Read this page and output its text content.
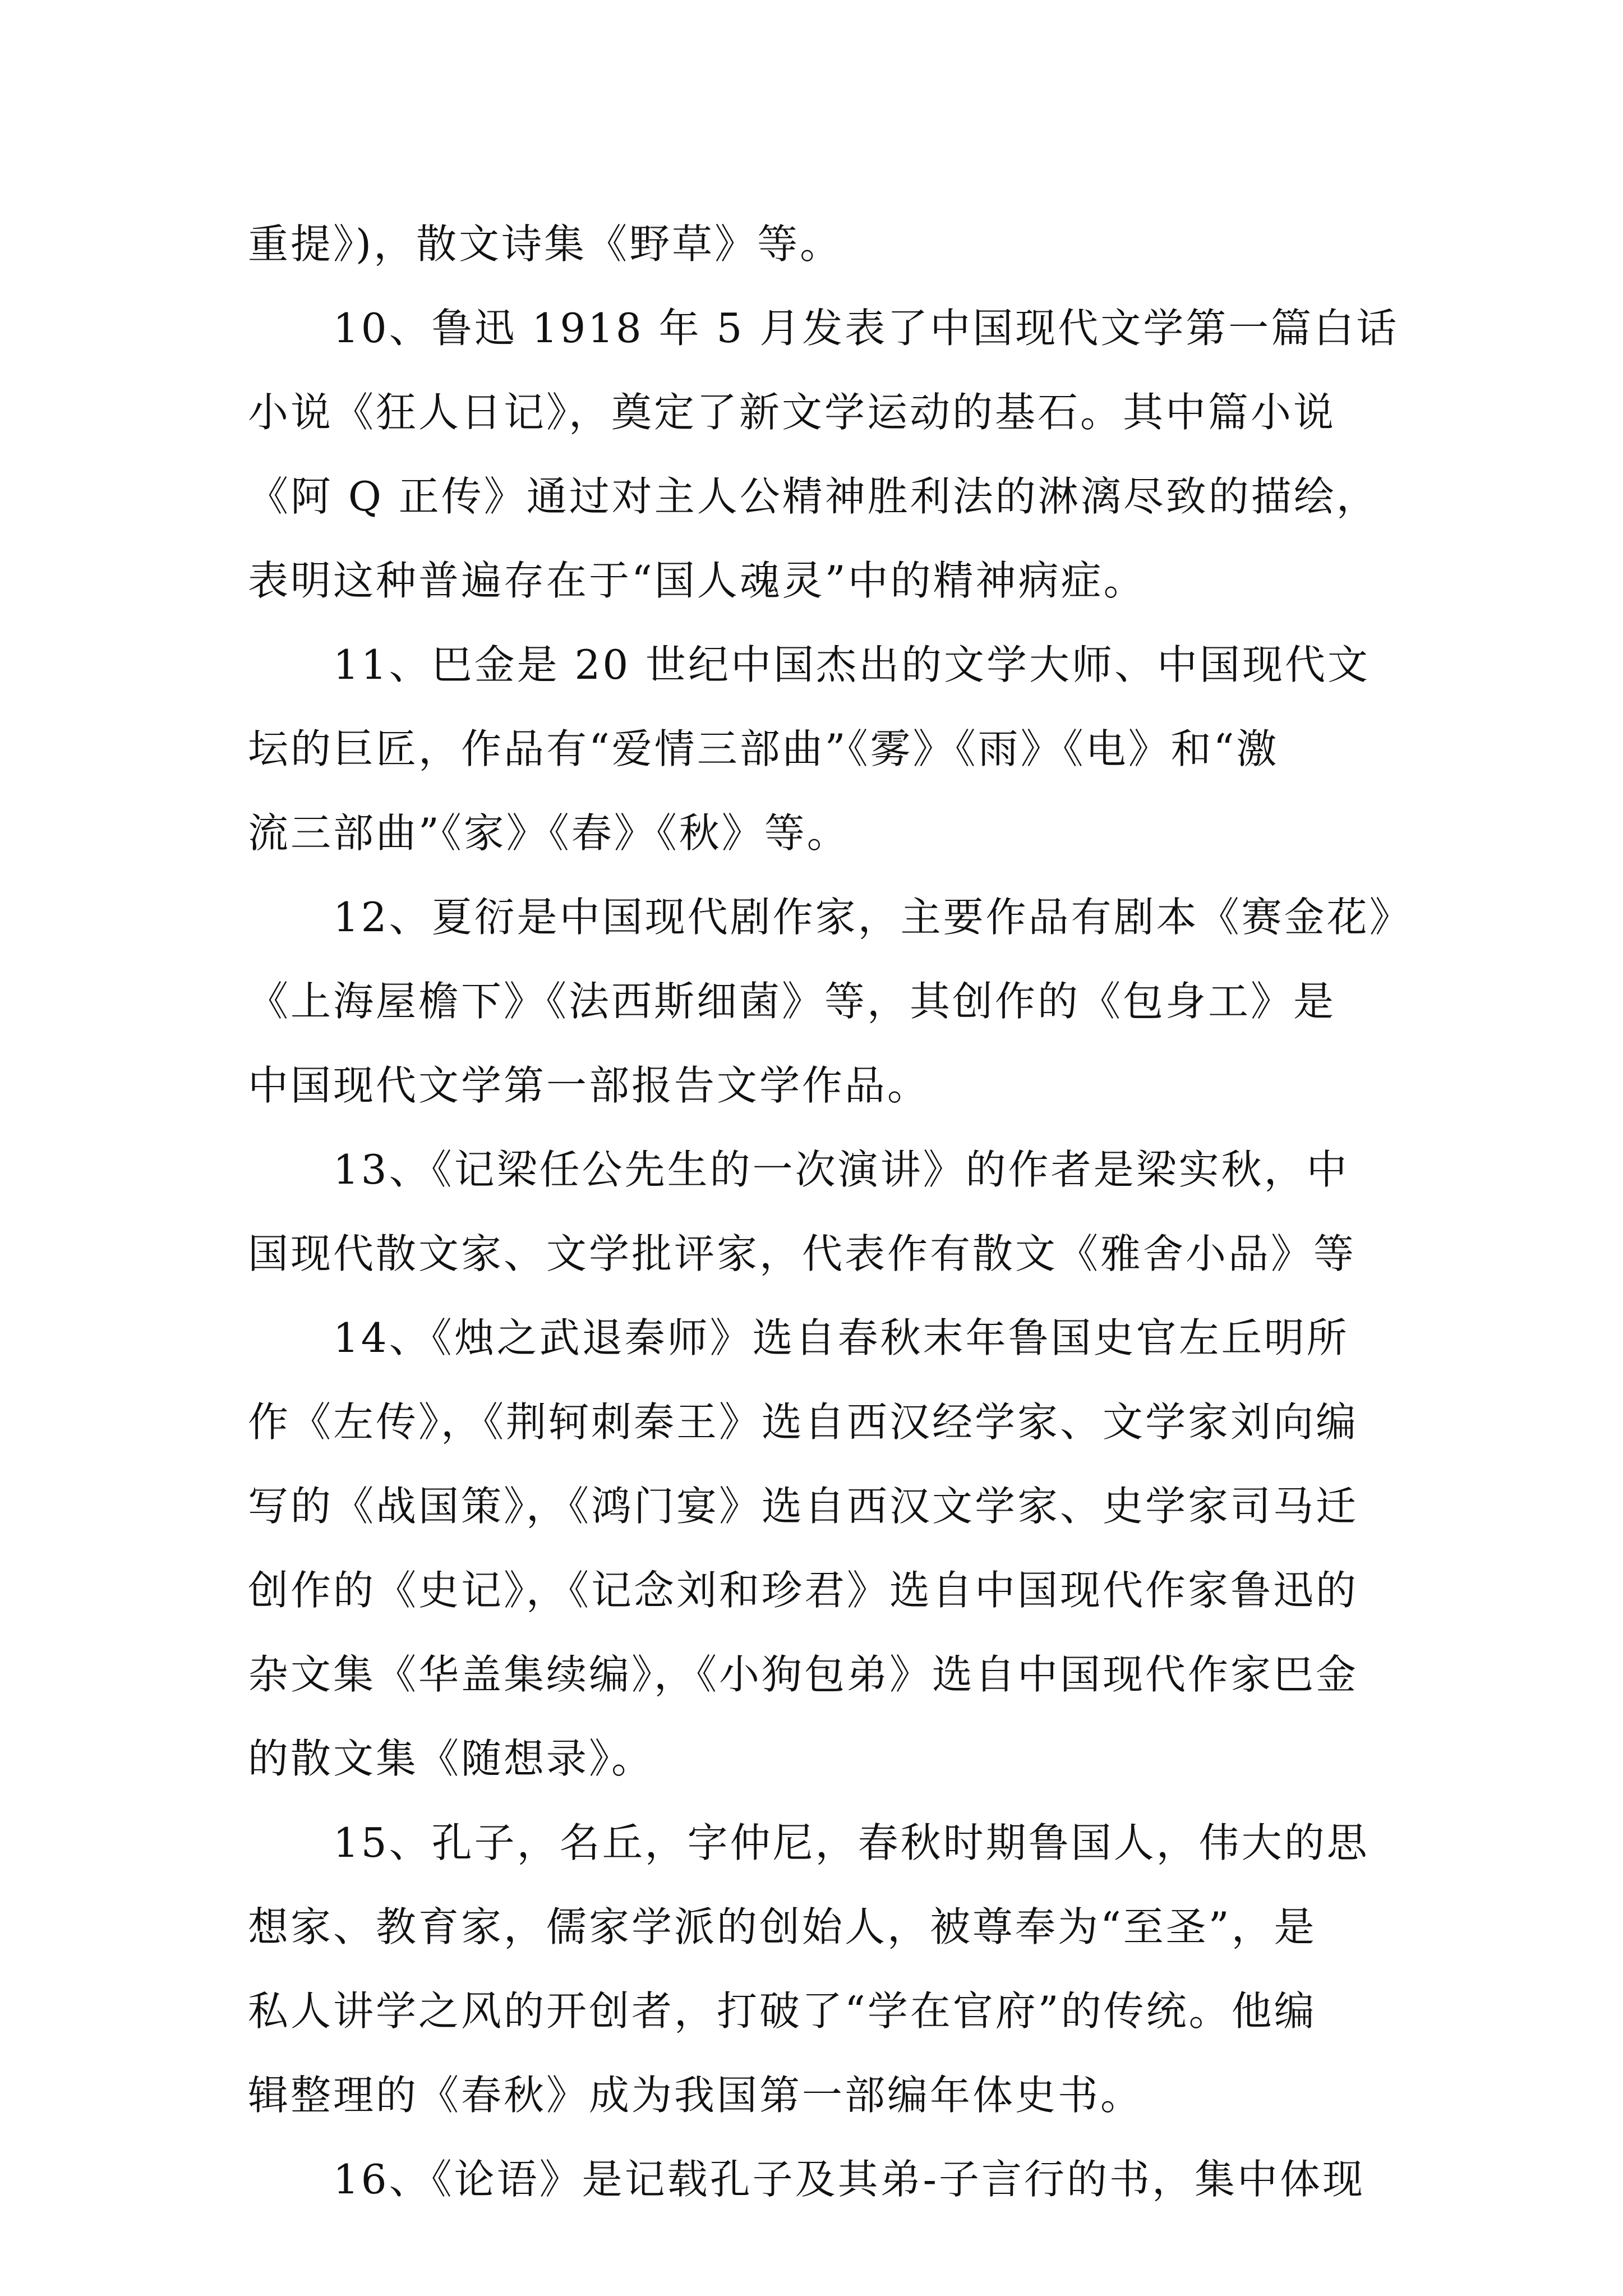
重提》)，散文诗集《野草》等。
10、鲁迅 1918 年 5 月发表了中国现代文学第一篇白话
小说《狂人日记》，奠定了新文学运动的基石。其中篇小说
《阿 Q 正传》通过对主人公精神胜利法的淋漓尽致的描绘，
表明这种普遍存在于“国人魂灵”中的精神病症。
11、巴金是 20 世纪中国杰出的文学大师、中国现代文
坛的巨匠，作品有“爱情三部曲”《雾》《雨》《电》和“激
流三部曲”《家》《春》《秋》等。
12、夏衍是中国现代剧作家，主要作品有剧本《赛金花》
《上海屋檐下》《法西斯细菌》等，其创作的《包身工》是
中国现代文学第一部报告文学作品。
13、《记梁任公先生的一次演讲》的作者是梁实秋，中
国现代散文家、文学批评家，代表作有散文《雅舍小品》等
14、《烛之武退秦师》选自春秋末年鲁国史官左丘明所
作《左传》，《荆轲刺秦王》选自西汉经学家、文学家刘向编
写的《战国策》，《鸿门宴》选自西汉文学家、史学家司马迁
创作的《史记》，《记念刘和珍君》选自中国现代作家鲁迅的
杂文集《华盖集续编》，《小狗包弟》选自中国现代作家巴金
的散文集《随想录》。
15、孔子，名丘，字仲尼，春秋时期鲁国人，伟大的思
想家、教育家，儒家学派的创始人，被尊奉为“至圣”，是
私人讲学之风的开创者，打破了“学在官府”的传统。他编
辑整理的《春秋》成为我国第一部编年体史书。
16、《论语》是记载孔子及其弟-子言行的书，集中体现
